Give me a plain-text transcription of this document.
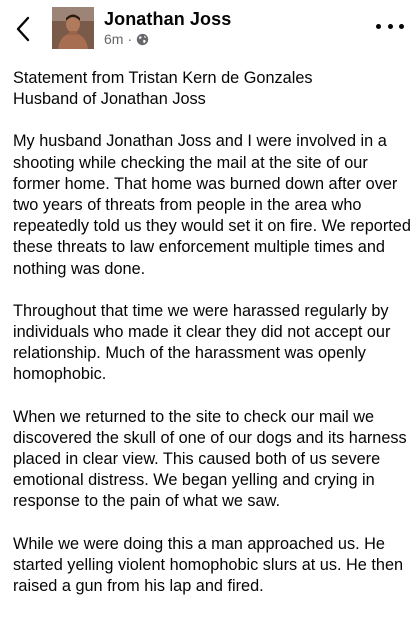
Jonathan Joss
6m ·
Statement from Tristan Kern de Gonzales
Husband of Jonathan Joss

My husband Jonathan Joss and I were involved in a shooting while checking the mail at the site of our former home. That home was burned down after over two years of threats from people in the area who repeatedly told us they would set it on fire. We reported these threats to law enforcement multiple times and nothing was done.

Throughout that time we were harassed regularly by individuals who made it clear they did not accept our relationship. Much of the harassment was openly homophobic.

When we returned to the site to check our mail we discovered the skull of one of our dogs and its harness placed in clear view. This caused both of us severe emotional distress. We began yelling and crying in response to the pain of what we saw.

While we were doing this a man approached us. He started yelling violent homophobic slurs at us. He then raised a gun from his lap and fired.
